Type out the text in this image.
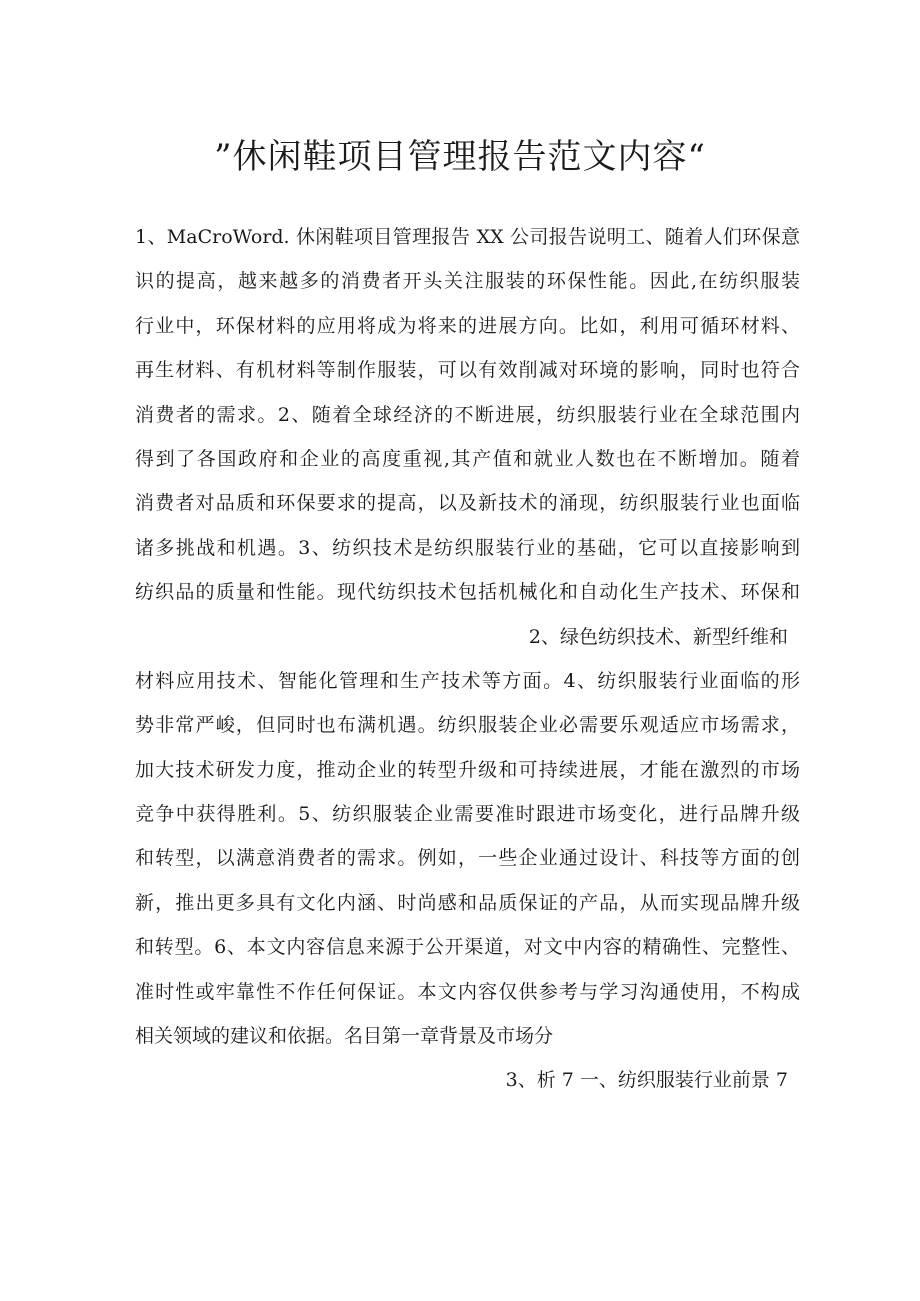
”休闲鞋项目管理报告范文内容“
1、MaCroWord. 休闲鞋项目管理报告 XX 公司报告说明工、随着人们环保意
识的提高，越来越多的消费者开头关注服装的环保性能。因此,在纺织服装
行业中，环保材料的应用将成为将来的进展方向。比如，利用可循环材料、
再生材料、有机材料等制作服装，可以有效削减对环境的影响，同时也符合
消费者的需求。2、随着全球经济的不断进展，纺织服装行业在全球范围内
得到了各国政府和企业的高度重视,其产值和就业人数也在不断增加。随着
消费者对品质和环保要求的提高，以及新技术的涌现，纺织服装行业也面临
诸多挑战和机遇。3、纺织技术是纺织服装行业的基础，它可以直接影响到
纺织品的质量和性能。现代纺织技术包括机械化和自动化生产技术、环保和
2、绿色纺织技术、新型纤维和
材料应用技术、智能化管理和生产技术等方面。4、纺织服装行业面临的形
势非常严峻，但同时也布满机遇。纺织服装企业必需要乐观适应市场需求，
加大技术研发力度，推动企业的转型升级和可持续进展，才能在激烈的市场
竞争中获得胜利。5、纺织服装企业需要准时跟进市场变化，进行品牌升级
和转型，以满意消费者的需求。例如，一些企业通过设计、科技等方面的创
新，推出更多具有文化内涵、时尚感和品质保证的产品，从而实现品牌升级
和转型。6、本文内容信息来源于公开渠道，对文中内容的精确性、完整性、
准时性或牢靠性不作任何保证。本文内容仅供参考与学习沟通使用，不构成
相关领域的建议和依据。名目第一章背景及市场分
3、析 7 一、纺织服装行业前景 7
